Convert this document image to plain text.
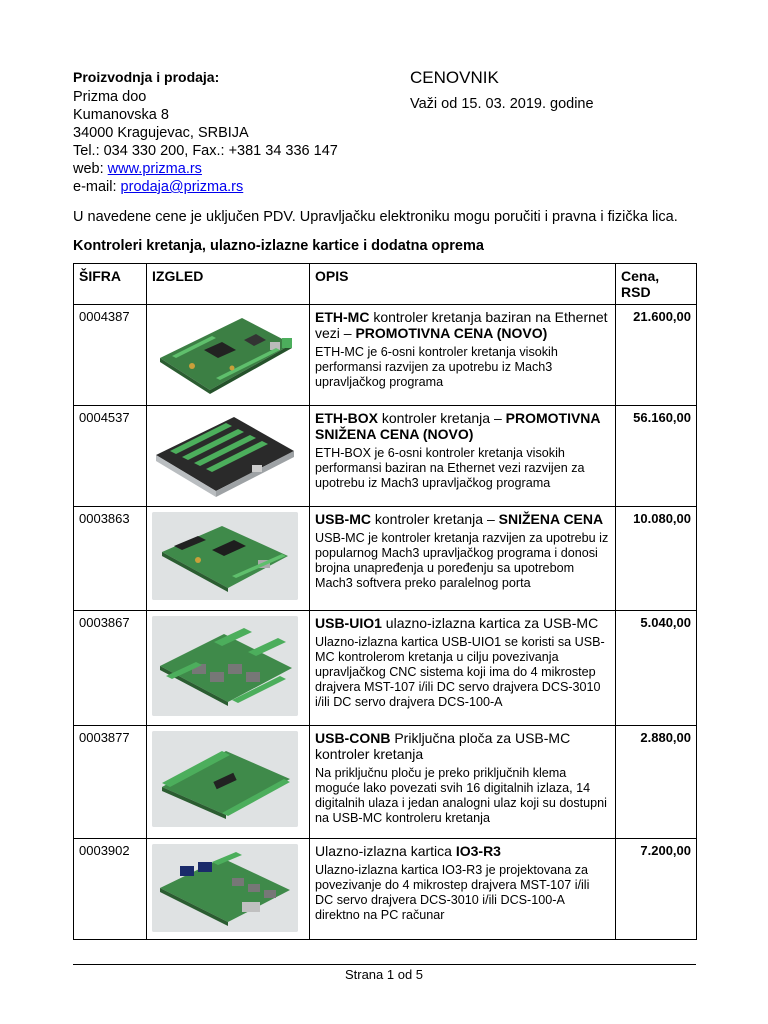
Proizvodnja i prodaja:
Prizma doo
Kumanovska 8
34000 Kragujevac, SRBIJA
Tel.: 034 330 200, Fax.: +381 34 336 147
web: www.prizma.rs
e-mail: prodaja@prizma.rs
CENOVNIK
Važi od 15. 03. 2019. godine
U navedene cene je uključen PDV. Upravljačku elektroniku mogu poručiti i pravna i fizička lica.
Kontroleri kretanja, ulazno-izlazne kartice i dodatna oprema
ŠIFRA	IZGLED	OPIS	Cena, RSD
0004387		ETH-MC kontroler kretanja baziran na Ethernet vezi – PROMOTIVNA CENA (NOVO)
ETH-MC je 6-osni kontroler kretanja visokih performansi razvijen za upotrebu iz Mach3 upravljačkog programa	21.600,00
0004537		ETH-BOX kontroler kretanja – PROMOTIVNA SNIŽENA CENA (NOVO)
ETH-BOX je 6-osni kontroler kretanja visokih performansi baziran na Ethernet vezi razvijen za upotrebu iz Mach3 upravljačkog programa	56.160,00
0003863		USB-MC kontroler kretanja – SNIŽENA CENA
USB-MC je kontroler kretanja razvijen za upotrebu iz popularnog Mach3 upravljačkog programa i donosi brojna unapređenja u poređenju sa upotrebom Mach3 softvera preko paralelnog porta	10.080,00
0003867		USB-UIO1 ulazno-izlazna kartica za USB-MC
Ulazno-izlazna kartica USB-UIO1 se koristi sa USB-MC kontrolerom kretanja u cilju povezivanja upravljačkog CNC sistema koji ima do 4 mikrostep drajvera MST-107 i/ili DC servo drajvera DCS-3010 i/ili DC servo drajvera DCS-100-A	5.040,00
0003877		USB-CONB Priključna ploča za USB-MC kontroler kretanja
Na priključnu ploču je preko priključnih klema moguće lako povezati svih 16 digitalnih izlaza, 14 digitalnih ulaza i jedan analogni ulaz koji su dostupni na USB-MC kontroleru kretanja	2.880,00
0003902		Ulazno-izlazna kartica IO3-R3
Ulazno-izlazna kartica IO3-R3 je projektovana za povezivanje do 4 mikrostep drajvera MST-107 i/ili DC servo drajvera DCS-3010 i/ili DCS-100-A direktno na PC računar	7.200,00
Strana 1 od 5
